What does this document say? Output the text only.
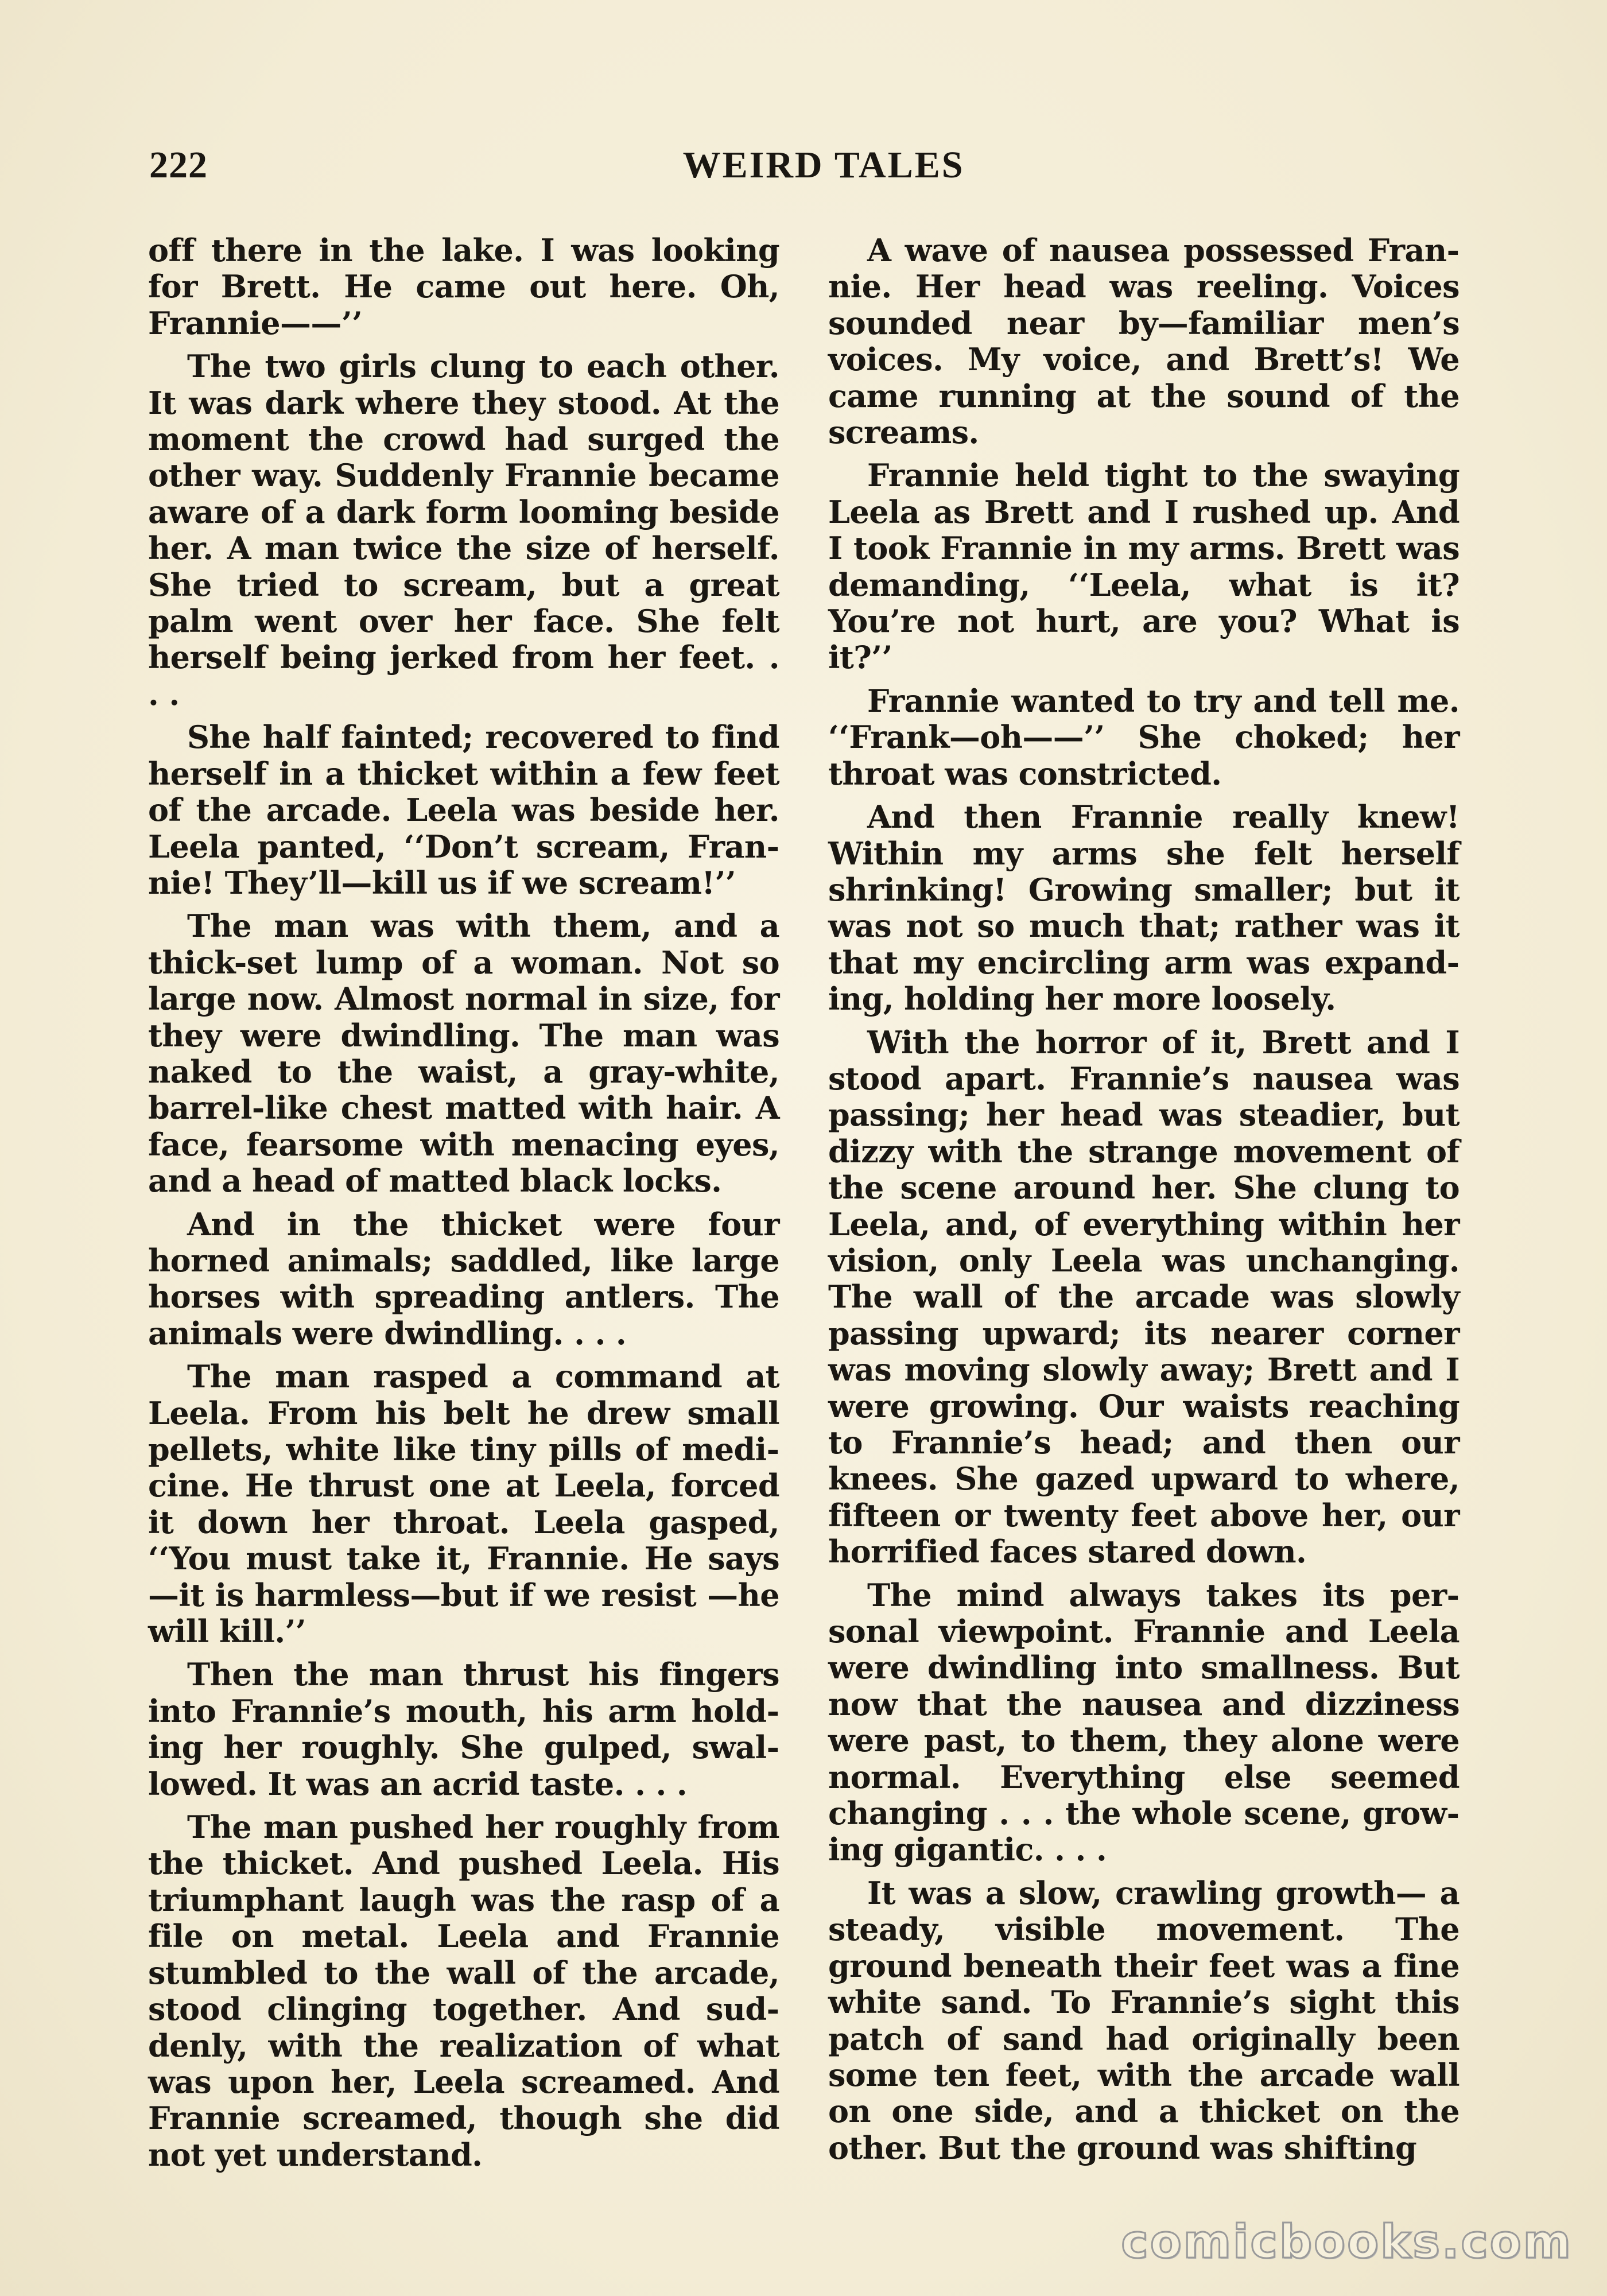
222	WEIRD TALES

off there in the lake. I was looking for Brett. He came out here. Oh, Frannie——’’

The two girls clung to each other. It was dark where they stood. At the moment the crowd had surged the other way. Suddenly Frannie became aware of a dark form looming beside her. A man twice the size of herself. She tried to scream, but a great palm went over her face. She felt herself being jerked from her feet. . . .

She half fainted; recovered to find herself in a thicket within a few feet of the arcade. Leela was beside her. Leela panted, ‘‘Don’t scream, Frannie! They’ll—kill us if we scream!’’

The man was with them, and a thick-set lump of a woman. Not so large now. Almost normal in size, for they were dwindling. The man was naked to the waist, a gray-white, barrel-like chest matted with hair. A face, fearsome with menacing eyes, and a head of matted black locks.

And in the thicket were four horned animals; saddled, like large horses with spreading antlers. The animals were dwindling. . . .

The man rasped a command at Leela. From his belt he drew small pellets, white like tiny pills of medicine. He thrust one at Leela, forced it down her throat. Leela gasped, ‘‘You must take it, Frannie. He says—it is harmless—but if we resist —he will kill.’’

Then the man thrust his fingers into Frannie’s mouth, his arm holding her roughly. She gulped, swallowed. It was an acrid taste. . . .

The man pushed her roughly from the thicket. And pushed Leela. His triumphant laugh was the rasp of a file on metal. Leela and Frannie stumbled to the wall of the arcade, stood clinging together. And suddenly, with the realization of what was upon her, Leela screamed. And Frannie screamed, though she did not yet understand.

A wave of nausea possessed Frannie. Her head was reeling. Voices sounded near by—familiar men’s voices. My voice, and Brett’s! We came running at the sound of the screams.

Frannie held tight to the swaying Leela as Brett and I rushed up. And I took Frannie in my arms. Brett was demanding, ‘‘Leela, what is it? You’re not hurt, are you? What is it?’’

Frannie wanted to try and tell me. ‘‘Frank—oh——’’ She choked; her throat was constricted.

And then Frannie really knew! Within my arms she felt herself shrinking! Growing smaller; but it was not so much that; rather was it that my encircling arm was expanding, holding her more loosely.

With the horror of it, Brett and I stood apart. Frannie’s nausea was passing; her head was steadier, but dizzy with the strange movement of the scene around her. She clung to Leela, and, of everything within her vision, only Leela was unchanging. The wall of the arcade was slowly passing upward; its nearer corner was moving slowly away; Brett and I were growing. Our waists reaching to Frannie’s head; and then our knees. She gazed upward to where, fifteen or twenty feet above her, our horrified faces stared down.

The mind always takes its personal viewpoint. Frannie and Leela were dwindling into smallness. But now that the nausea and dizziness were past, to them, they alone were normal. Everything else seemed changing . . . the whole scene, growing gigantic. . . .

It was a slow, crawling growth— a steady, visible movement. The ground beneath their feet was a fine white sand. To Frannie’s sight this patch of sand had originally been some ten feet, with the arcade wall on one side, and a thicket on the other. But the ground was shifting

comicbooks.com
